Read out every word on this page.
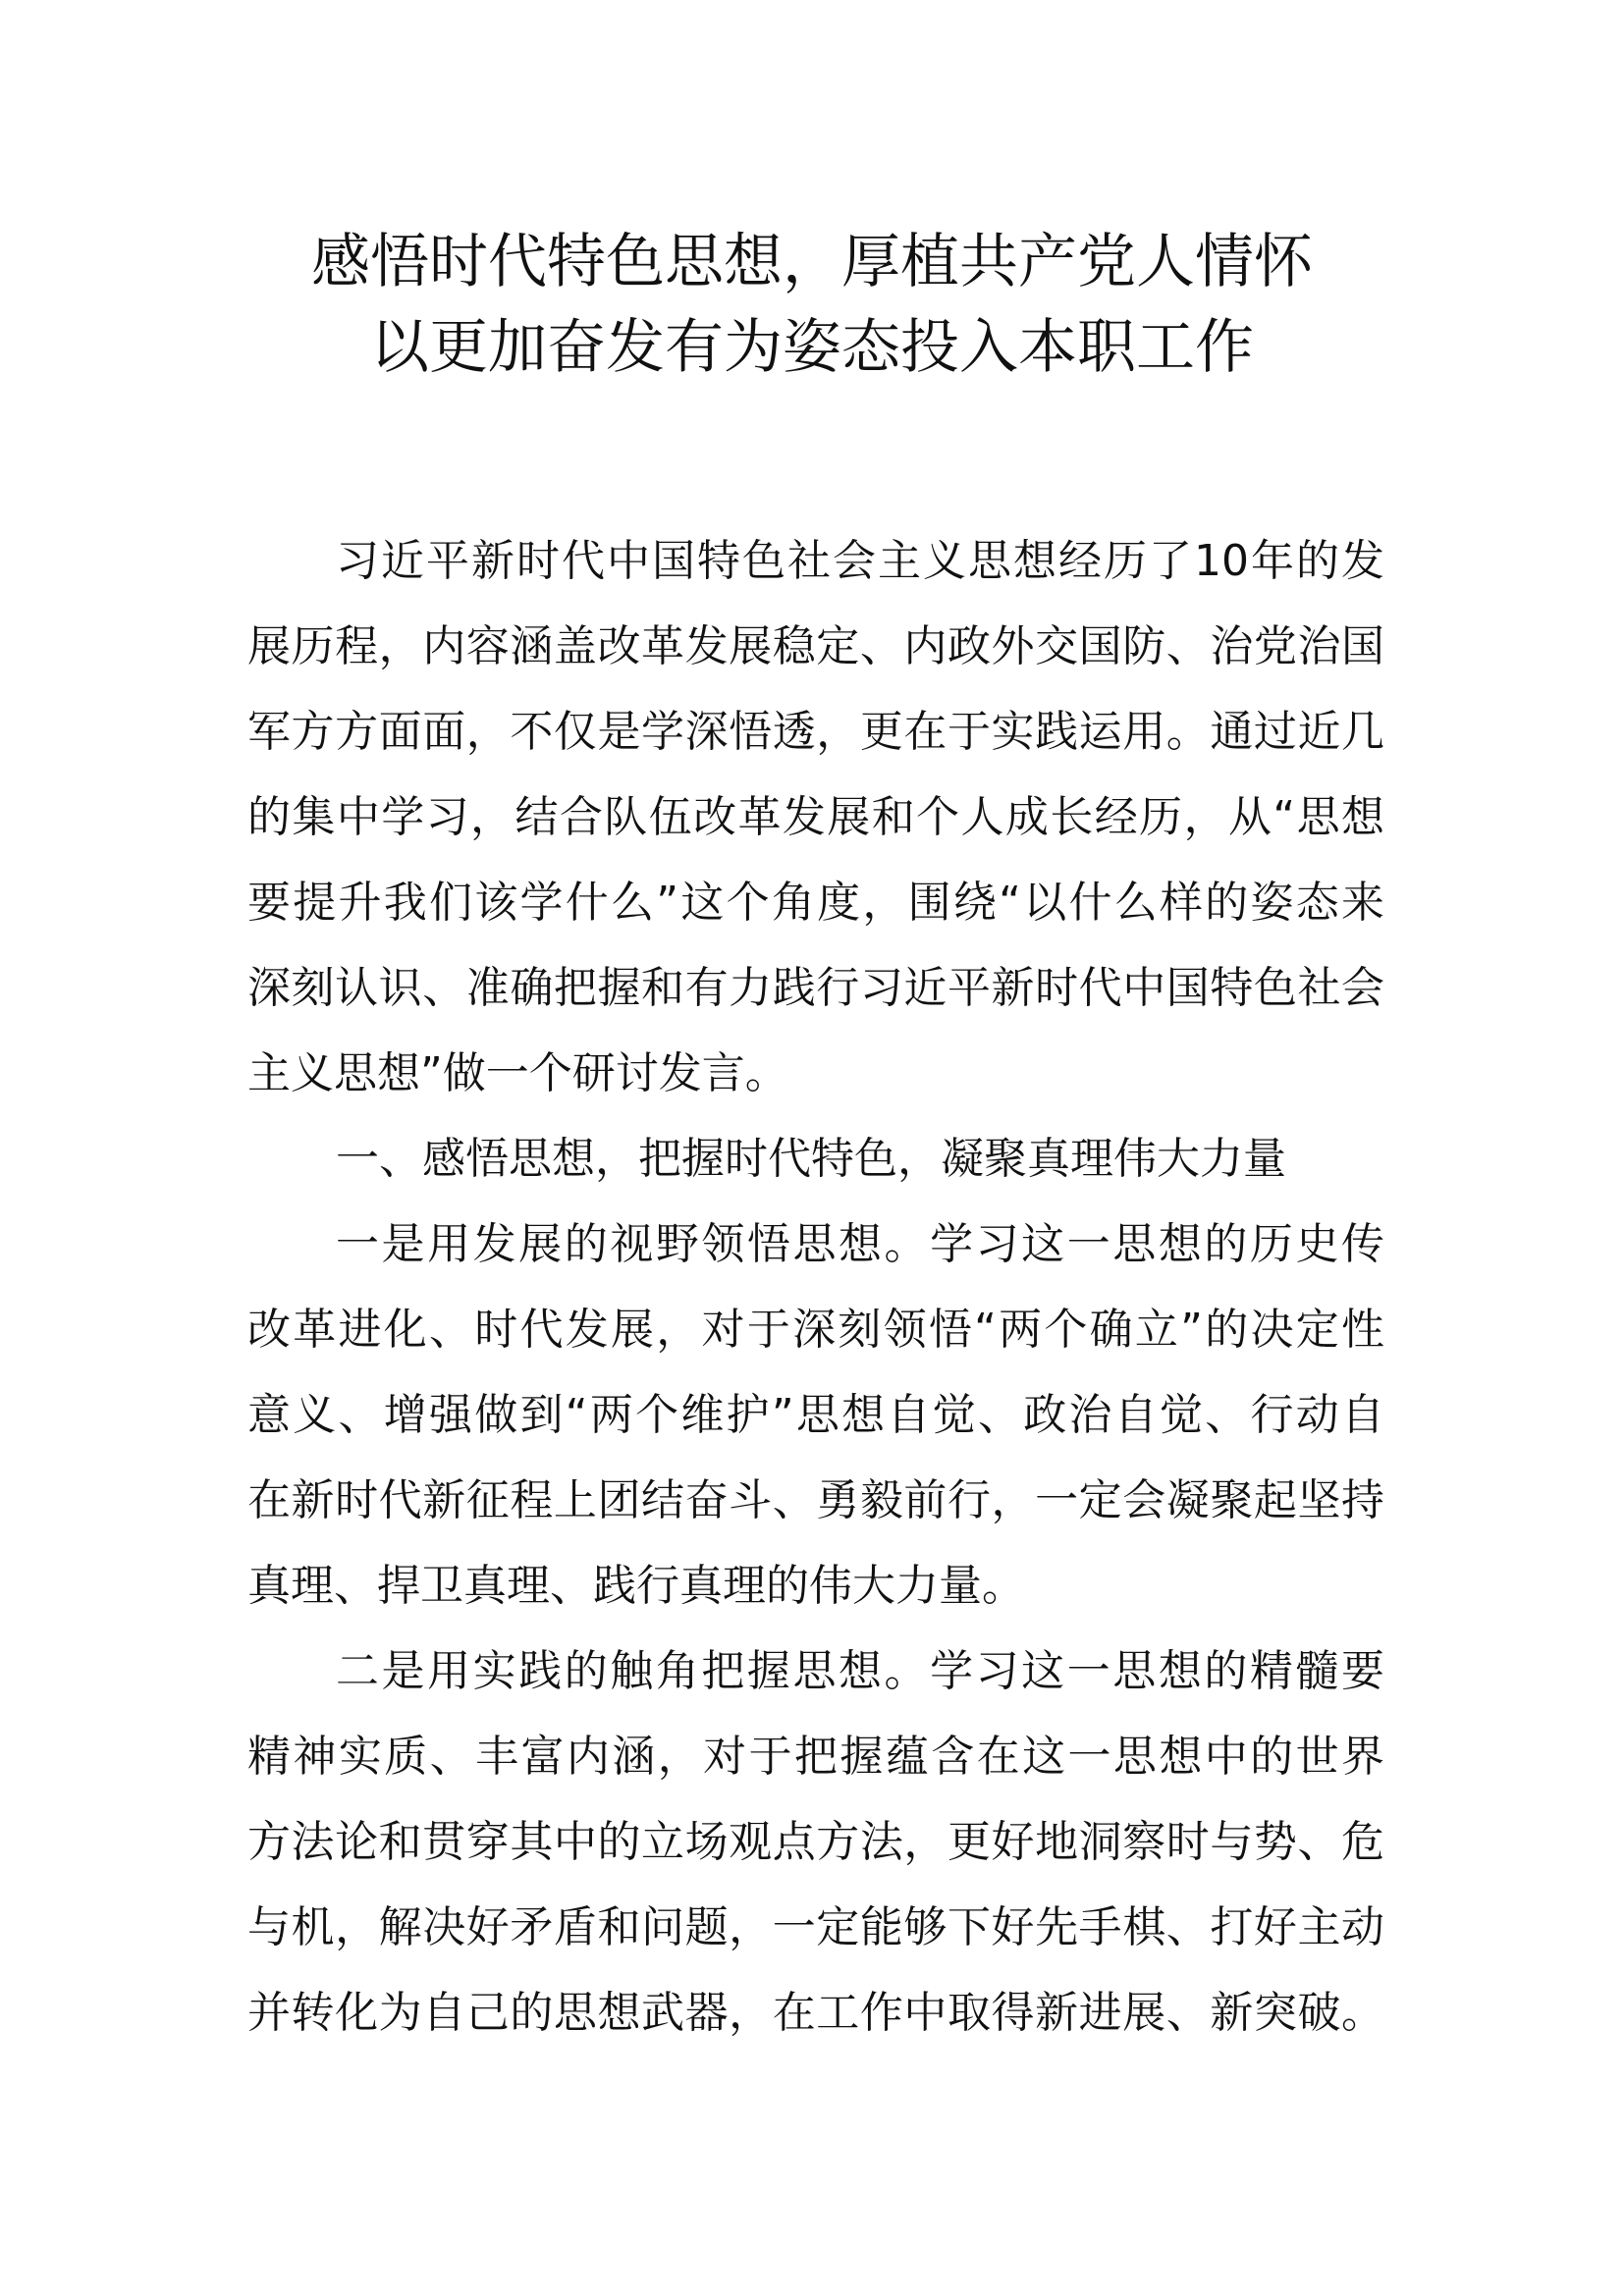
感悟时代特色思想，厚植共产党人情怀
以更加奋发有为姿态投入本职工作
习近平新时代中国特色社会主义思想经历了10年的发
展历程，内容涵盖改革发展稳定、内政外交国防、治党治国
军方方面面，不仅是学深悟透，更在于实践运用。通过近几
的集中学习，结合队伍改革发展和个人成长经历，从“思想
要提升我们该学什么”这个角度，围绕“以什么样的姿态来
深刻认识、准确把握和有力践行习近平新时代中国特色社会
主义思想”做一个研讨发言。
一、感悟思想，把握时代特色，凝聚真理伟大力量
一是用发展的视野领悟思想。学习这一思想的历史传
改革进化、时代发展，对于深刻领悟“两个确立”的决定性
意义、增强做到“两个维护”思想自觉、政治自觉、行动自
在新时代新征程上团结奋斗、勇毅前行，一定会凝聚起坚持
真理、捍卫真理、践行真理的伟大力量。
二是用实践的触角把握思想。学习这一思想的精髓要
精神实质、丰富内涵，对于把握蕴含在这一思想中的世界
方法论和贯穿其中的立场观点方法，更好地洞察时与势、危
与机，解决好矛盾和问题，一定能够下好先手棋、打好主动
并转化为自己的思想武器，在工作中取得新进展、新突破。
